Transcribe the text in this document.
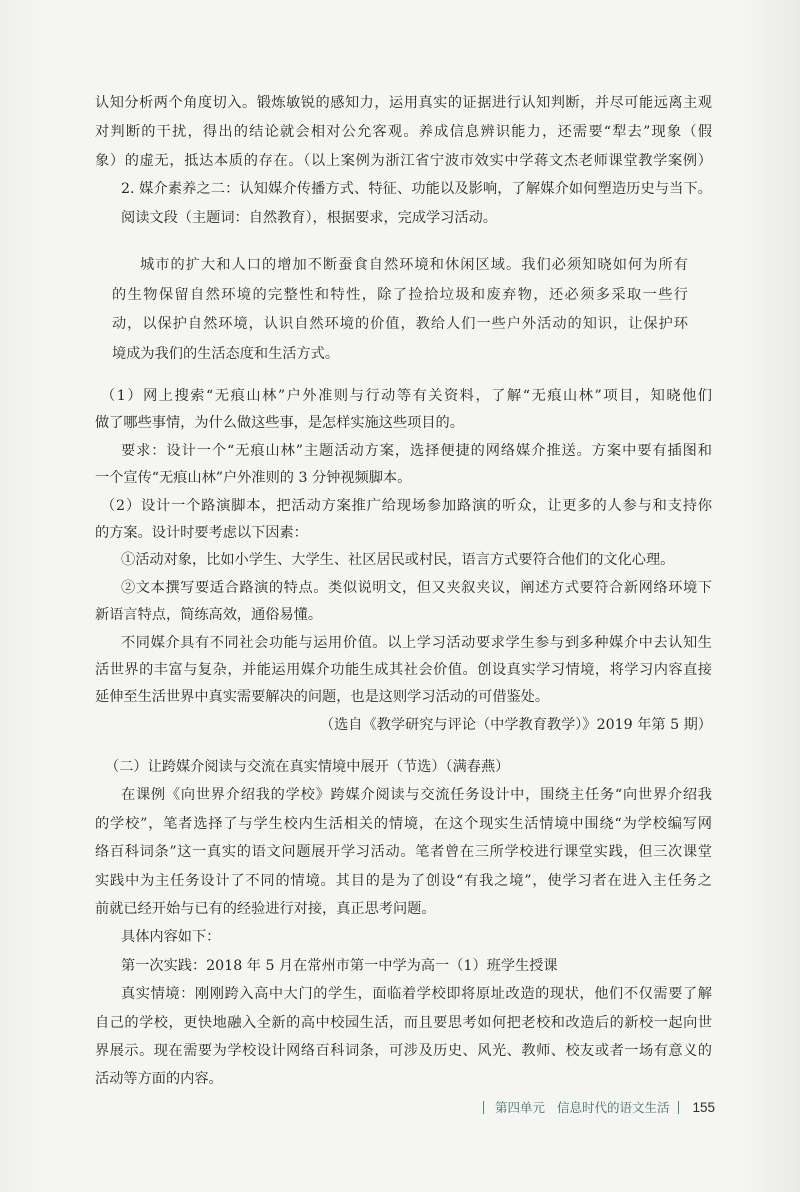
认知分析两个角度切入。锻炼敏锐的感知力，运用真实的证据进行认知判断，并尽可能远离主观
对判断的干扰，得出的结论就会相对公允客观。养成信息辨识能力，还需要“犁去”现象（假
象）的虚无，抵达本质的存在。（以上案例为浙江省宁波市效实中学蒋文杰老师课堂教学案例）
2. 媒介素养之二：认知媒介传播方式、特征、功能以及影响，了解媒介如何塑造历史与当下。
阅读文段（主题词：自然教育），根据要求，完成学习活动。
城市的扩大和人口的增加不断蚕食自然环境和休闲区域。我们必须知晓如何为所有
的生物保留自然环境的完整性和特性，除了捡拾垃圾和废弃物，还必须多采取一些行
动，以保护自然环境，认识自然环境的价值，教给人们一些户外活动的知识，让保护环
境成为我们的生活态度和生活方式。
（1）网上搜索“无痕山林”户外准则与行动等有关资料，了解“无痕山林”项目，知晓他们
做了哪些事情，为什么做这些事，是怎样实施这些项目的。
要求：设计一个“无痕山林”主题活动方案，选择便捷的网络媒介推送。方案中要有插图和
一个宣传“无痕山林”户外准则的 3 分钟视频脚本。
（2）设计一个路演脚本，把活动方案推广给现场参加路演的听众，让更多的人参与和支持你
的方案。设计时要考虑以下因素：
①活动对象，比如小学生、大学生、社区居民或村民，语言方式要符合他们的文化心理。
②文本撰写要适合路演的特点。类似说明文，但又夹叙夹议，阐述方式要符合新网络环境下
新语言特点，简练高效，通俗易懂。
不同媒介具有不同社会功能与运用价值。以上学习活动要求学生参与到多种媒介中去认知生
活世界的丰富与复杂，并能运用媒介功能生成其社会价值。创设真实学习情境，将学习内容直接
延伸至生活世界中真实需要解决的问题，也是这则学习活动的可借鉴处。
（选自《教学研究与评论（中学教育教学）》2019 年第 5 期）
（二）让跨媒介阅读与交流在真实情境中展开（节选）（满春燕）
在课例《向世界介绍我的学校》跨媒介阅读与交流任务设计中，围绕主任务“向世界介绍我
的学校”，笔者选择了与学生校内生活相关的情境，在这个现实生活情境中围绕“为学校编写网
络百科词条”这一真实的语文问题展开学习活动。笔者曾在三所学校进行课堂实践，但三次课堂
实践中为主任务设计了不同的情境。其目的是为了创设“有我之境”，使学习者在进入主任务之
前就已经开始与已有的经验进行对接，真正思考问题。
具体内容如下：
第一次实践：2018 年 5 月在常州市第一中学为高一（1）班学生授课
真实情境：刚刚跨入高中大门的学生，面临着学校即将原址改造的现状，他们不仅需要了解
自己的学校，更快地融入全新的高中校园生活，而且要思考如何把老校和改造后的新校一起向世
界展示。现在需要为学校设计网络百科词条，可涉及历史、风光、教师、校友或者一场有意义的
活动等方面的内容。
第四单元 信息时代的语文生活 155
